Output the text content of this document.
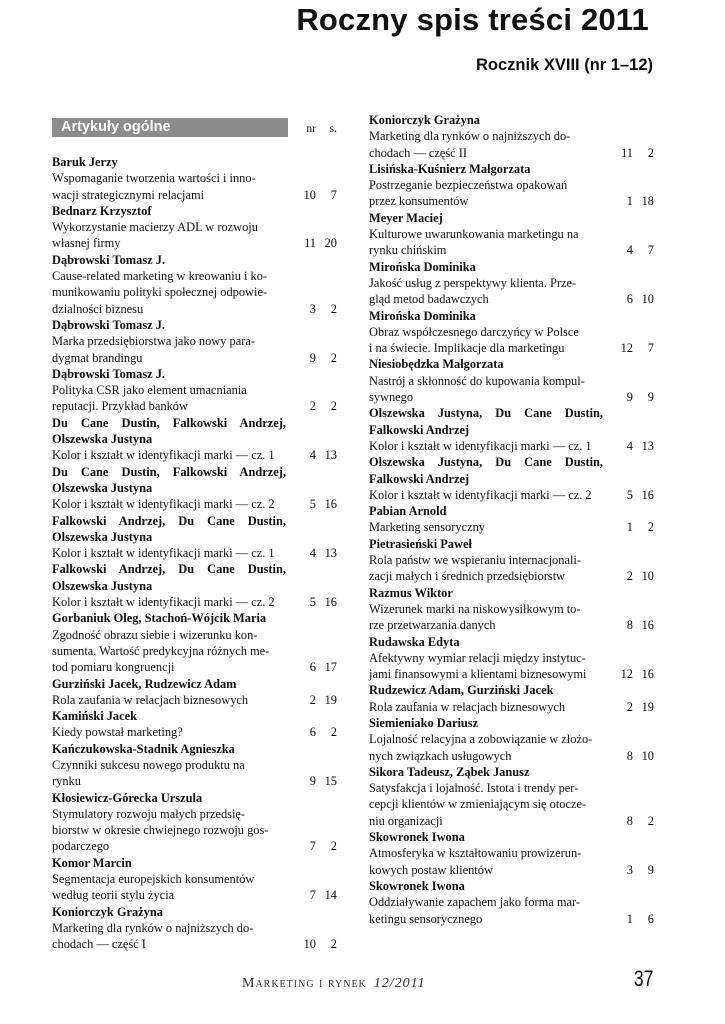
Roczny spis treści 2011
Rocznik XVIII (nr 1–12)
Artykuły ogólne	nr	s.
Baruk Jerzy
Wspomaganie tworzenia wartości i inno-
wacji strategicznymi relacjami	10	7
Bednarz Krzysztof
Wykorzystanie macierzy ADL w rozwoju
własnej firmy	11 20
Dąbrowski Tomasz J.
Cause-related marketing w kreowaniu i ko-
munikowaniu polityki społecznej odpowie-
dzialności biznesu	3	2
Dąbrowski Tomasz J.
Marka przedsiębiorstwa jako nowy para-
dygmat brandingu	9	2
Dąbrowski Tomasz J.
Polityka CSR jako element umacniania
reputacji. Przykład banków	2	2
Du Cane Dustin, Falkowski Andrzej, Olszewska Justyna
Kolor i kształt w identyfikacji marki — cz. 1	4 13
Du Cane Dustin, Falkowski Andrzej, Olszewska Justyna
Kolor i kształt w identyfikacji marki — cz. 2	5 16
Falkowski Andrzej, Du Cane Dustin, Olszewska Justyna
Kolor i kształt w identyfikacji marki — cz. 1	4 13
Falkowski Andrzej, Du Cane Dustin, Olszewska Justyna
Kolor i kształt w identyfikacji marki — cz. 2	5 16
Gorbaniuk Oleg, Stachoń-Wójcik Maria
Zgodność obrazu siebie i wizerunku kon-
sumenta. Wartość predykcyjna różnych me-
tod pomiaru kongruencji	6 17
Gurziński Jacek, Rudzewicz Adam
Rola zaufania w relacjach biznesowych	2 19
Kamiński Jacek
Kiedy powstał marketing?	6	2
Kańczukowska-Stadnik Agnieszka
Czynniki sukcesu nowego produktu na
rynku	9 15
Kłosiewicz-Górecka Urszula
Stymulatory rozwoju małych przedsię-
biorstw w okresie chwiejnego rozwoju gos-
podarczego	7	2
Komor Marcin
Segmentacja europejskich konsumentów
według teorii stylu życia	7 14
Koniorczyk Grażyna
Marketing dla rynków o najniższych do-
chodach — część I	10	2
Koniorczyk Grażyna
Marketing dla rynków o najniższych do-
chodach — część II	11	2
Lisińska-Kuśnierz Małgorzata
Postrzeganie bezpieczeństwa opakowań
przez konsumentów	1 18
Meyer Maciej
Kulturowe uwarunkowania marketingu na
rynku chińskim	4	7
Mirońska Dominika
Jakość usług z perspektywy klienta. Prze-
gląd metod badawczych	6 10
Mirońska Dominika
Obraz współczesnego darczyńcy w Polsce
i na świecie. Implikacje dla marketingu	12	7
Niesiobędzka Małgorzata
Nastrój a skłonność do kupowania kompul-
sywnego	9	9
Olszewska Justyna, Du Cane Dustin, Falkowski Andrzej
Kolor i kształt w identyfikacji marki — cz. 1	4 13
Olszewska Justyna, Du Cane Dustin, Falkowski Andrzej
Kolor i kształt w identyfikacji marki — cz. 2	5 16
Pabian Arnold
Marketing sensoryczny	1	2
Pietrasieński Paweł
Rola państw we wspieraniu internacjonali-
zacji małych i średnich przedsiębiorstw	2 10
Razmus Wiktor
Wizerunek marki na niskowysiłkowym to-
rze przetwarzania danych	8 16
Rudawska Edyta
Afektywny wymiar relacji między instytuc-
jami finansowymi a klientami biznesowymi	12 16
Rudzewicz Adam, Gurziński Jacek
Rola zaufania w relacjach biznesowych	2 19
Siemieniako Dariusz
Lojalność relacyjna a zobowiązanie w złożo-
nych związkach usługowych	8 10
Sikora Tadeusz, Ząbek Janusz
Satysfakcja i lojalność. Istota i trendy per-
cepcji klientów w zmieniającym się otocze-
niu organizacji	8	2
Skowronek Iwona
Atmosferyka w kształtowaniu prowizerun-
kowych postaw klientów	3	9
Skowronek Iwona
Oddziaływanie zapachem jako forma mar-
ketingu sensorycznego	1	6
Marketing i rynek 12/2011	37
